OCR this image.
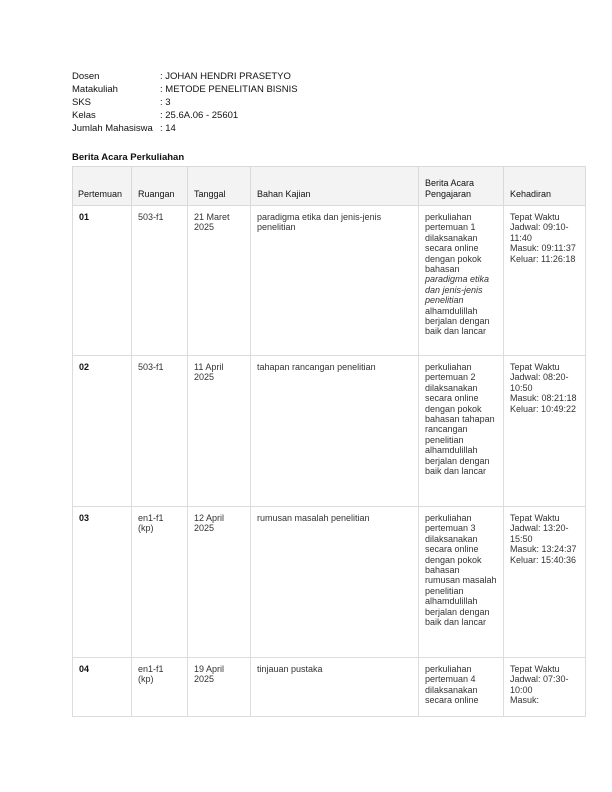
Dosen	: JOHAN HENDRI PRASETYO
Matakuliah	: METODE PENELITIAN BISNIS
SKS	: 3
Kelas	: 25.6A.06 - 25601
Jumlah Mahasiswa : 14
Berita Acara Perkuliahan
Pertemuan	Ruangan	Tanggal	Bahan Kajian	Berita Acara Pengajaran	Kehadiran
01	503-f1	21 Maret 2025	paradigma etika dan jenis-jenis penelitian	perkuliahan pertemuan 1 dilaksanakan secara online dengan pokok bahasan paradigma etika dan jenis-jenis penelitian alhamdulillah berjalan dengan baik dan lancar	Tepat Waktu
Jadwal: 09:10-11:40
Masuk: 09:11:37
Keluar: 11:26:18

02	503-f1	11 April 2025	tahapan rancangan penelitian	perkuliahan pertemuan 2 dilaksanakan secara online dengan pokok bahasan tahapan rancangan penelitian alhamdulillah berjalan dengan baik dan lancar	Tepat Waktu
Jadwal: 08:20-10:50
Masuk: 08:21:18
Keluar: 10:49:22

03	en1-f1 (kp)	12 April 2025	rumusan masalah penelitian	perkuliahan pertemuan 3 dilaksanakan secara online dengan pokok bahasan rumusan masalah penelitian alhamdulillah berjalan dengan baik dan lancar	Tepat Waktu
Jadwal: 13:20-15:50
Masuk: 13:24:37
Keluar: 15:40:36

04	en1-f1 (kp)	19 April 2025	tinjauan pustaka	perkuliahan pertemuan 4 dilaksanakan secara online	Tepat Waktu
Jadwal: 07:30-10:00
Masuk:
